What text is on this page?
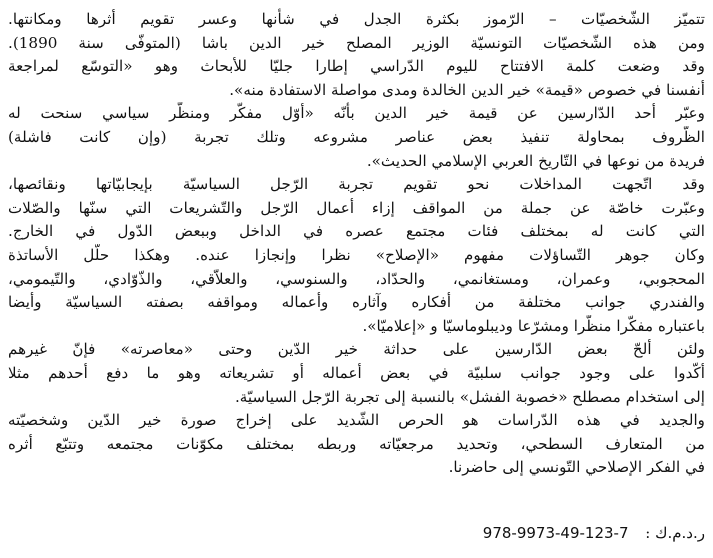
تتميّز الشّخصيّات – الرّموز بكثرة الجدل في شأنها وعسر تقويم أثرها ومكانتها.
ومن هذه الشّخصيّات التونسيّة الوزير المصلح خير الدين باشا (المتوفّى سنة 1890).
وقد وضعت كلمة الافتتاح لليوم الدّراسي إطارا جليّا للأبحاث وهو «التوسّع لمراجعة
أنفسنا في خصوص «قيمة» خير الدين الخالدة ومدى مواصلة الاستفادة منه».

وعبّر أحد الدّارسين عن قيمة خير الدين بأنّه «أوّل مفكّر ومنظّر سياسي سنحت له
الظّروف بمحاولة تنفيذ بعض عناصر مشروعه وتلك تجربة (وإن كانت فاشلة)
فريدة من نوعها في التّاريخ العربي الإسلامي الحديث».

وقد اتّجهت المداخلات نحو تقويم تجربة الرّجل السياسيّة بإيجابيّاتها ونقائصها،
وعبّرت خاصّة عن جملة من المواقف إزاء أعمال الرّجل والتّشريعات التي سنّها والصّلات
التي كانت له بمختلف فئات مجتمع عصره في الداخل وببعض الدّول في الخارج.
وكان جوهر التّساؤلات مفهوم «الإصلاح» نظرا وإنجازا عنده. وهكذا حلّل الأساتذة
المحجوبي، وعمران، ومستغانمي، والحدّاد، والسنوسي، والعلاّقي، والذّوّادي، والتّيمومي،
والفندري جوانب مختلفة من أفكاره وآثاره وأعماله ومواقفه بصفته السياسيّة وأيضا
باعتباره مفكّرا منظّرا ومشرّعا وديبلوماسيّا و «إعلاميّا».

ولئن ألحّ بعض الدّارسين على حداثة خير الدّين وحتى «معاصرته» فإنّ غيرهم
أكّدوا على وجود جوانب سلبيّة في بعض أعماله أو تشريعاته وهو ما دفع أحدهم مثلا
إلى استخدام مصطلح «خصوبة الفشل» بالنسبة إلى تجربة الرّجل السياسيّة.

والجديد في هذه الدّراسات هو الحرص الشّديد على إخراج صورة خير الدّين وشخصيّته
من المتعارف السطحي، وتحديد مرجعيّاته وربطه بمختلف مكوّنات مجتمعه وتتبّع أثره
في الفكر الإصلاحي التّونسي إلى حاضرنا.

ر.د.م.ك : 978-9973-49-123-7
